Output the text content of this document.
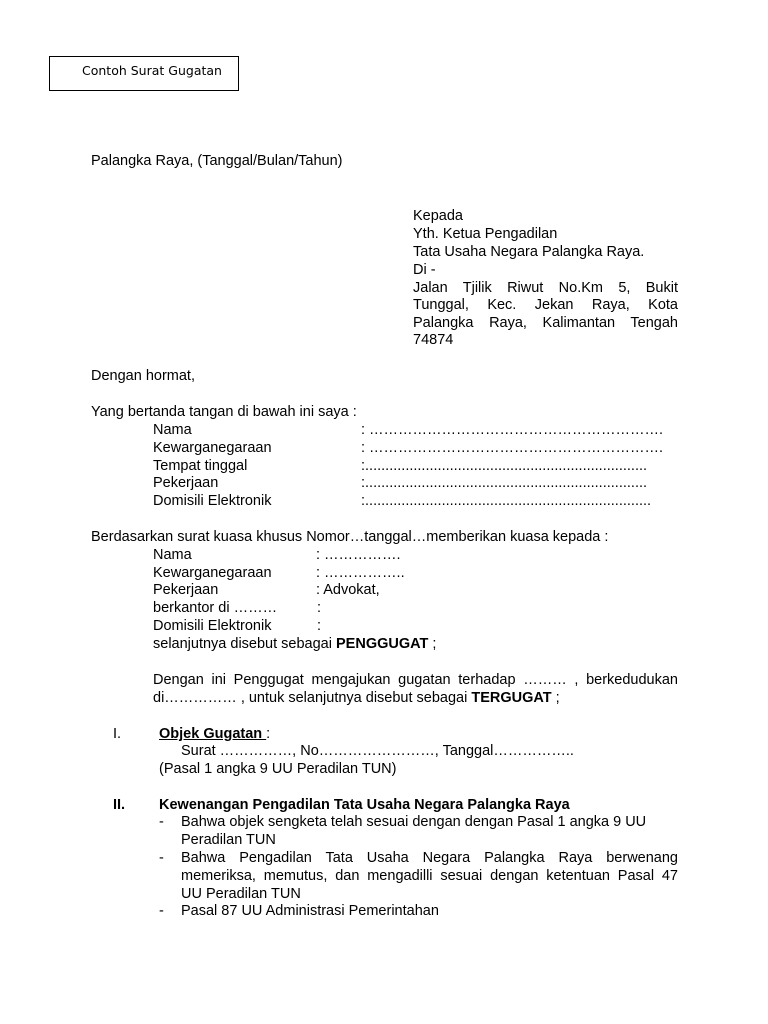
Contoh Surat Gugatan
Palangka Raya, (Tanggal/Bulan/Tahun)
Kepada
Yth. Ketua Pengadilan
Tata Usaha Negara Palangka Raya.
Di -
Jalan Tjilik Riwut No.Km 5, Bukit
Tunggal, Kec. Jekan Raya, Kota
Palangka Raya, Kalimantan Tengah
74874
Dengan hormat,
Yang bertanda tangan di bawah ini saya :
Nama	: …………………………………………………….
Kewarganegaraan	: …………………………………………………….
Tempat tinggal	:......................................................................
Pekerjaan	:......................................................................
Domisili Elektronik	:.......................................................................
Berdasarkan surat kuasa khusus Nomor…tanggal…memberikan kuasa kepada :
Nama	: …………….
Kewarganegaraan	: ……………..
Pekerjaan	: Advokat,
berkantor di ………	:
Domisili Elektronik	:
selanjutnya disebut sebagai PENGGUGAT ;
Dengan ini Penggugat mengajukan gugatan terhadap ……… , berkedudukan
di…………… , untuk selanjutnya disebut sebagai TERGUGAT ;
I.	Objek Gugatan :
Surat ……………, No……………………, Tanggal……………..
(Pasal 1 angka 9 UU Peradilan TUN)
II. Kewenangan Pengadilan Tata Usaha Negara Palangka Raya
- Bahwa objek sengketa telah sesuai dengan dengan Pasal 1 angka 9 UU
Peradilan TUN
- Bahwa Pengadilan Tata Usaha Negara Palangka Raya berwenang
memeriksa, memutus, dan mengadilli sesuai dengan ketentuan Pasal 47
UU Peradilan TUN
- Pasal 87 UU Administrasi Pemerintahan
